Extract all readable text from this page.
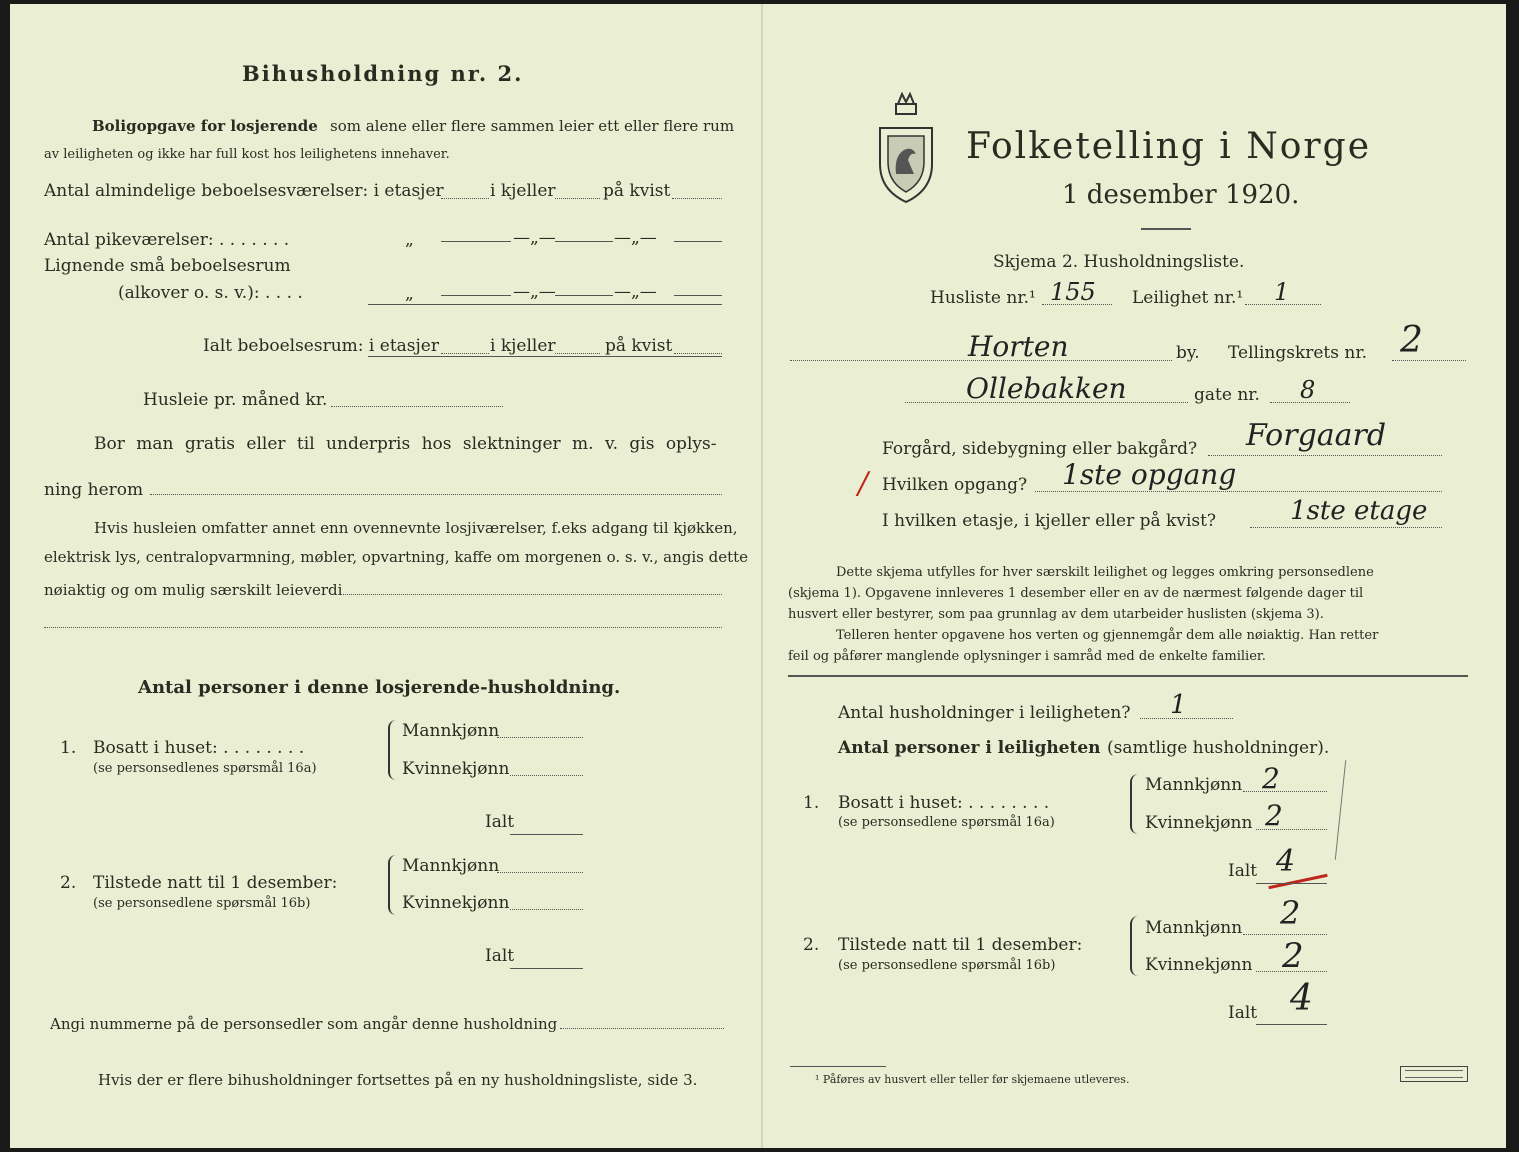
Bihusholdning nr. 2.
Boligopgave for losjerende som alene eller flere sammen leier ett eller flere rum
av leiligheten og ikke har full kost hos leilighetens innehaver.
Antal almindelige beboelsesværelser: i etasjer	i kjeller	på kvist
Antal pikeværelser: . . . . . . .	„	—„—	—„—
Lignende små beboelsesrum
(alkover o. s. v.): . . . .	„	—„—	—„—
Ialt beboelsesrum: i etasjer	i kjeller	på kvist
Husleie pr. måned kr.
Bor man gratis eller til underpris hos slektninger m. v. gis oplys-
ning herom
Hvis husleien omfatter annet enn ovennevnte losjiværelser, f.eks adgang til kjøkken,
elektrisk lys, centralopvarmning, møbler, opvartning, kaffe om morgenen o. s. v., angis dette
nøiaktig og om mulig særskilt leieverdi
Antal personer i denne losjerende-husholdning.
1. Bosatt i huset: . . . . . . . .
(se personsedlenes spørsmål 16a)
Mannkjønn
Kvinnekjønn
Ialt
2. Tilstede natt til 1 desember:
(se personsedlene spørsmål 16b)
Mannkjønn
Kvinnekjønn
Ialt
Angi nummerne på de personsedler som angår denne husholdning
Hvis der er flere bihusholdninger fortsettes på en ny husholdningsliste, side 3.
Folketelling i Norge
1 desember 1920.
Skjema 2. Husholdningsliste.
Husliste nr.¹ 155 Leilighet nr.¹ 1
Horten	by. Tellingskrets nr. 2
Ollebakken	gate nr. 8
Forgård, sidebygning eller bakgård? Forgaard
/ Hvilken opgang? 1ste opgang
I hvilken etasje, i kjeller eller på kvist?	1ste etage
Dette skjema utfylles for hver særskilt leilighet og legges omkring personsedlene
(skjema 1). Opgavene innleveres 1 desember eller en av de nærmest følgende dager til
husvert eller bestyrer, som paa grunnlag av dem utarbeider huslisten (skjema 3).
Telleren henter opgavene hos verten og gjennemgår dem alle nøiaktig. Han retter
feil og påfører manglende oplysninger i samråd med de enkelte familier.
Antal husholdninger i leiligheten? 1
Antal personer i leiligheten (samtlige husholdninger).
1. Bosatt i huset: . . . . . . . .
(se personsedlene spørsmål 16a)
Mannkjønn 2
Kvinnekjønn 2
Ialt 4
2. Tilstede natt til 1 desember:
(se personsedlene spørsmål 16b)
Mannkjønn 2
Kvinnekjønn 2
Ialt 4
¹ Påføres av husvert eller teller før skjemaene utleveres.
